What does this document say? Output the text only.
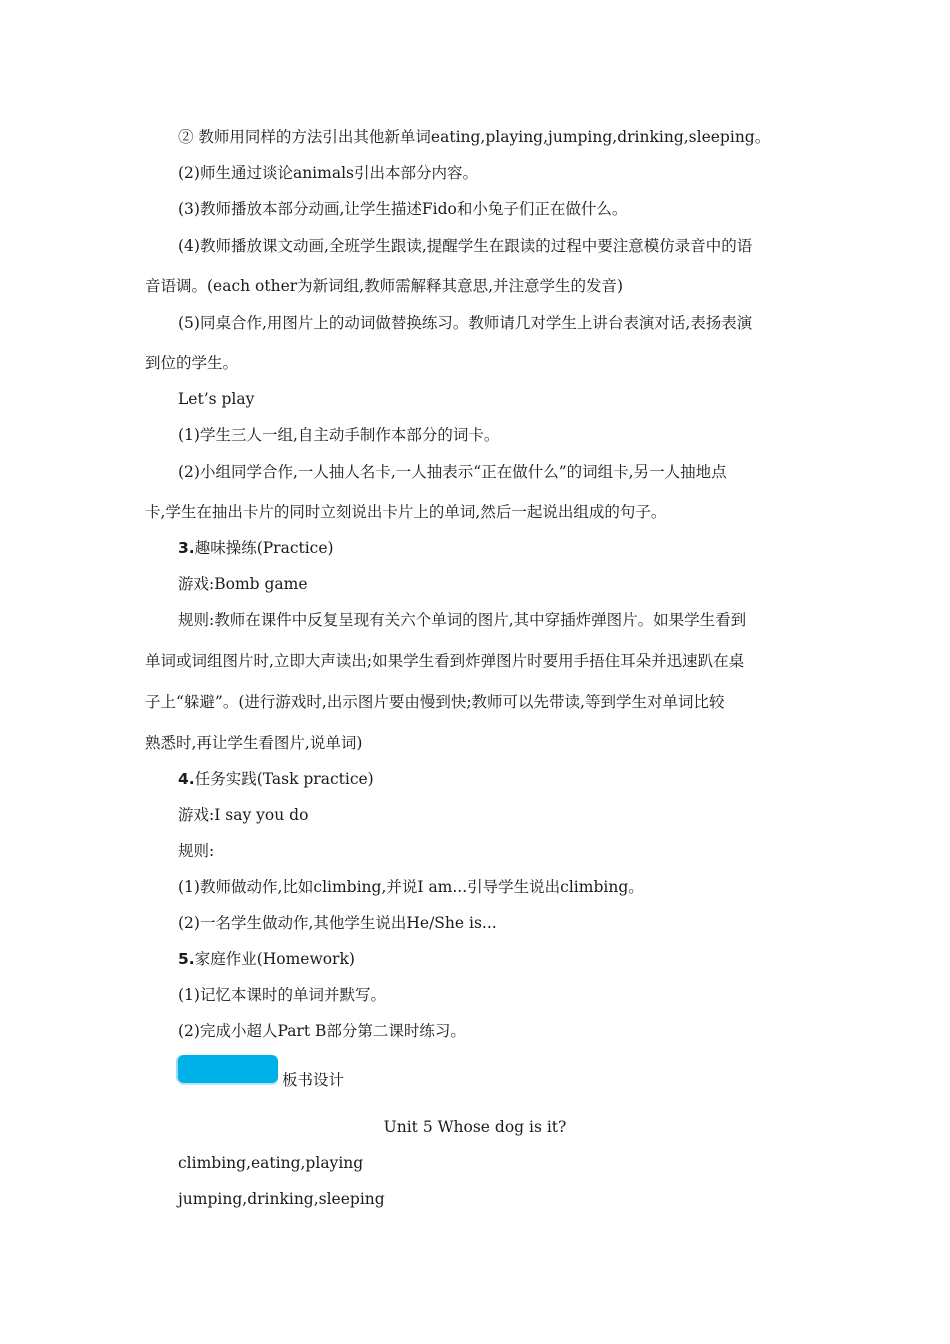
② 教师用同样的方法引出其他新单词eating,playing,jumping,drinking,sleeping。
(2)师生通过谈论animals引出本部分内容。
(3)教师播放本部分动画,让学生描述Fido和小兔子们正在做什么。
(4)教师播放课文动画,全班学生跟读,提醒学生在跟读的过程中要注意模仿录音中的语
音语调。(each other为新词组,教师需解释其意思,并注意学生的发音)
(5)同桌合作,用图片上的动词做替换练习。教师请几对学生上讲台表演对话,表扬表演
到位的学生。
Let’s play
(1)学生三人一组,自主动手制作本部分的词卡。
(2)小组同学合作,一人抽人名卡,一人抽表示“正在做什么”的词组卡,另一人抽地点
卡,学生在抽出卡片的同时立刻说出卡片上的单词,然后一起说出组成的句子。
3.趣味操练(Practice)
游戏:Bomb game
规则:教师在课件中反复呈现有关六个单词的图片,其中穿插炸弹图片。如果学生看到
单词或词组图片时,立即大声读出;如果学生看到炸弹图片时要用手捂住耳朵并迅速趴在桌
子上“躲避”。(进行游戏时,出示图片要由慢到快;教师可以先带读,等到学生对单词比较
熟悉时,再让学生看图片,说单词)
4.任务实践(Task practice)
游戏:I say you do
规则:
(1)教师做动作,比如climbing,并说I am...引导学生说出climbing。
(2)一名学生做动作,其他学生说出He/She is...
5.家庭作业(Homework)
(1)记忆本课时的单词并默写。
(2)完成小超人Part B部分第二课时练习。
板书设计
Unit 5 Whose dog is it?
climbing,eating,playing
jumping,drinking,sleeping
